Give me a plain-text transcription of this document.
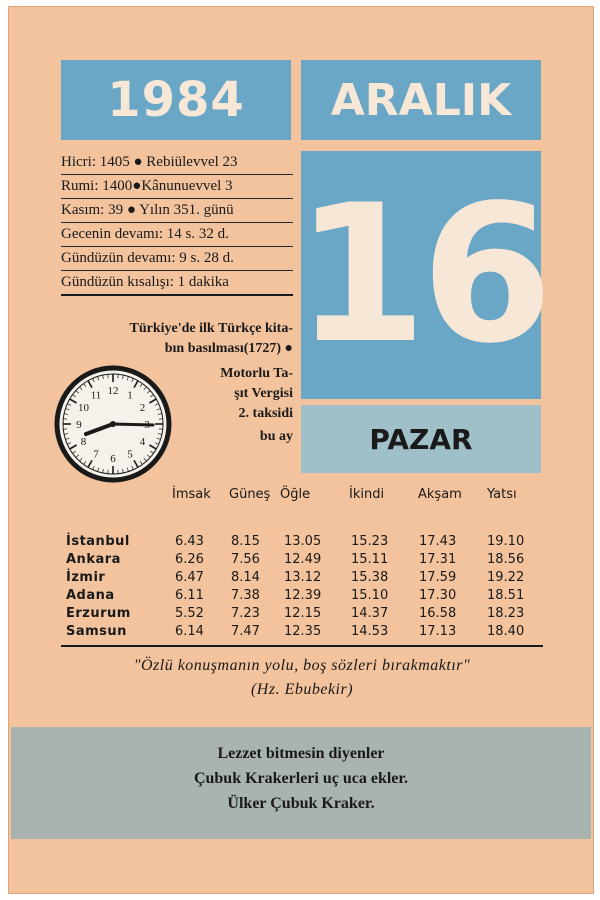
1984 ARALIK
16
PAZAR
Hicri: 1405 ● Rebiülevvel 23
Rumi: 1400●Kânunuevvel 3
Kasım: 39 ● Yılın 351. günü
Gecenin devamı: 14 s. 32 d.
Gündüzün devamı: 9 s. 28 d.
Gündüzün kısalışı: 1 dakika
Türkiye'de ilk Türkçe kita-
bın basılması(1727) ●
Motorlu Ta-
şıt Vergisi
2. taksidi
bu ay
12 1
2
4
5
6
7
8
9
10
11
İmsak Güneş Öğle	İkindi	Akşam Yatsı
İstanbul	6.43 8.15 13.05 15.23 17.43 19.10
Ankara	6.26 7.56 12.49 15.11 17.31 18.56
İzmir	6.47 8.14 13.12 15.38 17.59 19.22
Adana	6.11 7.38 12.39 15.10 17.30 18.51
Erzurum	5.52 7.23 12.15 14.37 16.58 18.23
Samsun	6.14 7.47 12.35 14.53 17.13 18.40
"Özlü konuşmanın yolu, boş sözleri bırakmaktır"
(Hz. Ebubekir)
Lezzet bitmesin diyenler
Çubuk Krakerleri uç uca ekler.
Ülker Çubuk Kraker.
